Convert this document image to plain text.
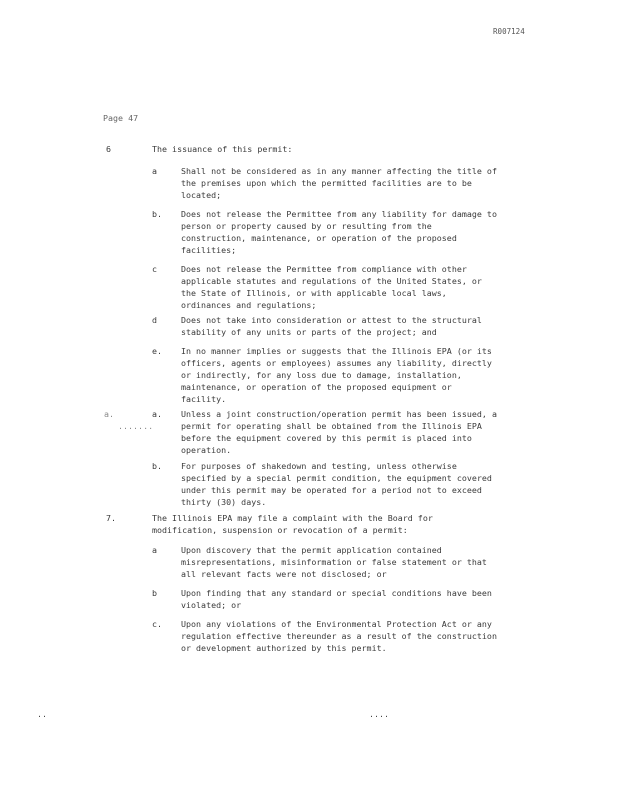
R007124
Page 47
6	The issuance of this permit:
a	Shall not be considered as in any manner affecting the title of
the premises upon which the permitted facilities are to be
located;
b. Does not release the Permittee from any liability for damage to
person or property caused by or resulting from the
construction, maintenance, or operation of the proposed
facilities;
c	Does not release the Permittee from compliance with other
applicable statutes and regulations of the United States, or
the State of Illinois, or with applicable local laws,
ordinances and regulations;
d	Does not take into consideration or attest to the structural
stability of any units or parts of the project; and
e. In no manner implies or suggests that the Illinois EPA (or its
officers, agents or employees) assumes any liability, directly
or indirectly, for any loss due to damage, installation,
maintenance, or operation of the proposed equipment or
facility.
a.
.......
a. Unless a joint construction/operation permit has been issued, a
permit for operating shall be obtained from the Illinois EPA
before the equipment covered by this permit is placed into
operation.
b. For purposes of shakedown and testing, unless otherwise
specified by a special permit condition, the equipment covered
under this permit may be operated for a period not to exceed
thirty (30) days.
7.	The Illinois EPA may file a complaint with the Board for
modification, suspension or revocation of a permit:
a	Upon discovery that the permit application contained
misrepresentations, misinformation or false statement or that
all relevant facts were not disclosed; or
b	Upon finding that any standard or special conditions have been
violated; or
c. Upon any violations of the Environmental Protection Act or any
regulation effective thereunder as a result of the construction
or development authorized by this permit.
..	....
